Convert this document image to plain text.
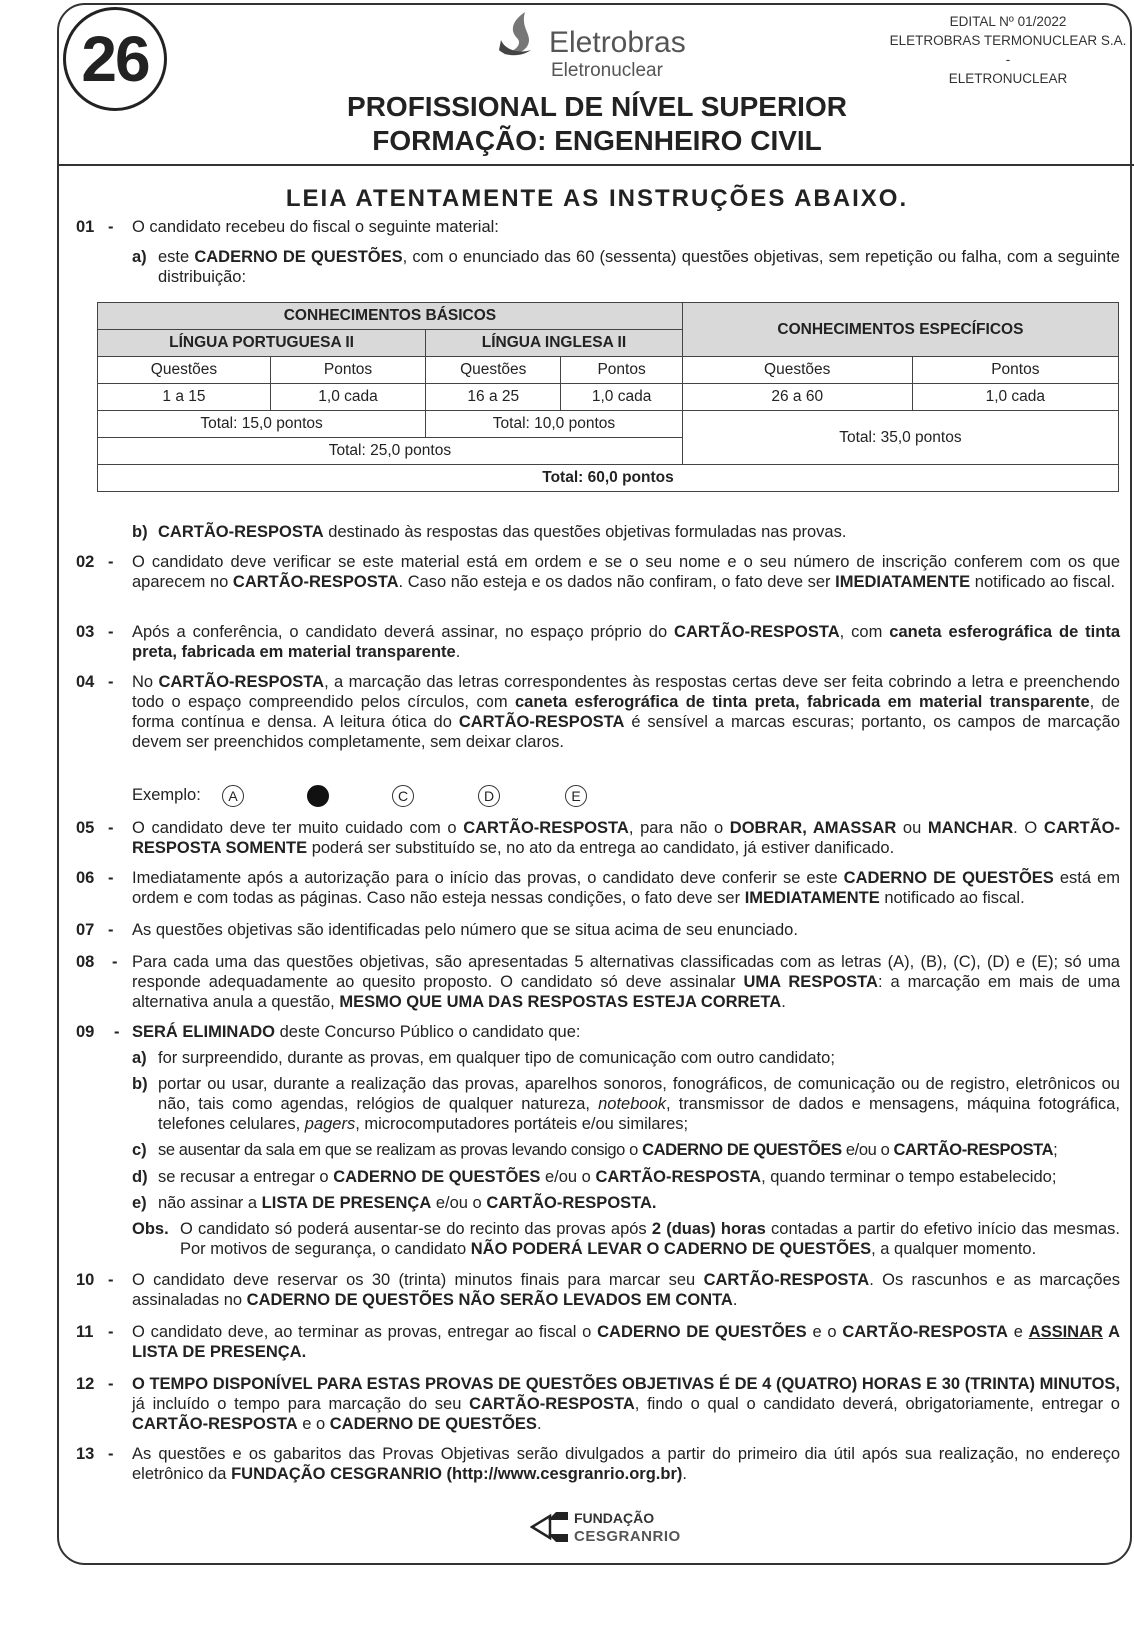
26	Eletrobras
Eletronuclear
EDITAL Nº 01/2022
ELETROBRAS TERMONUCLEAR S.A. -
ELETRONUCLEAR
PROFISSIONAL DE NÍVEL SUPERIOR
FORMAÇÃO: ENGENHEIRO CIVIL
LEIA ATENTAMENTE AS INSTRUÇÕES ABAIXO.
01 - O candidato recebeu do fiscal o seguinte material:
a) este CADERNO DE QUESTÕES, com o enunciado das 60 (sessenta) questões objetivas, sem repetição ou falha, com a seguinte distribuição:
CONHECIMENTOS BÁSICOS				CONHECIMENTOS ESPECÍFICOS	
LÍNGUA PORTUGUESA II		LÍNGUA INGLESA II			
Questões	Pontos	Questões	Pontos	Questões	Pontos
1 a 15	1,0 cada	16 a 25	1,0 cada	26 a 60	1,0 cada
Total: 15,0 pontos		Total: 10,0 pontos		Total: 35,0 pontos	
Total: 25,0 pontos					
Total: 60,0 pontos					
b) CARTÃO-RESPOSTA destinado às respostas das questões objetivas formuladas nas provas.
02 - O candidato deve verificar se este material está em ordem e se o seu nome e o seu número de inscrição conferem com os que aparecem no CARTÃO-RESPOSTA. Caso não esteja e os dados não confiram, o fato deve ser IMEDIATAMENTE notificado ao fiscal.
03 - Após a conferência, o candidato deverá assinar, no espaço próprio do CARTÃO-RESPOSTA, com caneta esferográfica de tinta preta, fabricada em material transparente.
04 - No CARTÃO-RESPOSTA, a marcação das letras correspondentes às respostas certas deve ser feita cobrindo a letra e preenchendo todo o espaço compreendido pelos círculos, com caneta esferográfica de tinta preta, fabricada em material transparente, de forma contínua e densa. A leitura ótica do CARTÃO-RESPOSTA é sensível a marcas escuras; portanto, os campos de marcação devem ser preenchidos completamente, sem deixar claros.
Exemplo:	A	C	D	E
05 - O candidato deve ter muito cuidado com o CARTÃO-RESPOSTA, para não o DOBRAR, AMASSAR ou MANCHAR. O CARTÃO-RESPOSTA SOMENTE poderá ser substituído se, no ato da entrega ao candidato, já estiver danificado.
06 - Imediatamente após a autorização para o início das provas, o candidato deve conferir se este CADERNO DE QUESTÕES está em ordem e com todas as páginas. Caso não esteja nessas condições, o fato deve ser IMEDIATAMENTE notificado ao fiscal.
07 - As questões objetivas são identificadas pelo número que se situa acima de seu enunciado.
08 - Para cada uma das questões objetivas, são apresentadas 5 alternativas classificadas com as letras (A), (B), (C), (D) e (E); só uma responde adequadamente ao quesito proposto. O candidato só deve assinalar UMA RESPOSTA: a marcação em mais de uma alternativa anula a questão, MESMO QUE UMA DAS RESPOSTAS ESTEJA CORRETA.
09 - SERÁ ELIMINADO deste Concurso Público o candidato que:
a) for surpreendido, durante as provas, em qualquer tipo de comunicação com outro candidato;
b) portar ou usar, durante a realização das provas, aparelhos sonoros, fonográficos, de comunicação ou de registro, eletrônicos ou não, tais como agendas, relógios de qualquer natureza, notebook, transmissor de dados e mensagens, máquina fotográfica, telefones celulares, pagers, microcomputadores portáteis e/ou similares;
c) se ausentar da sala em que se realizam as provas levando consigo o CADERNO DE QUESTÕES e/ou o CARTÃO-RESPOSTA;
d) se recusar a entregar o CADERNO DE QUESTÕES e/ou o CARTÃO-RESPOSTA, quando terminar o tempo estabelecido;
e) não assinar a LISTA DE PRESENÇA e/ou o CARTÃO-RESPOSTA.
Obs. O candidato só poderá ausentar-se do recinto das provas após 2 (duas) horas contadas a partir do efetivo início das mesmas. Por motivos de segurança, o candidato NÃO PODERÁ LEVAR O CADERNO DE QUESTÕES, a qualquer momento.
10 - O candidato deve reservar os 30 (trinta) minutos finais para marcar seu CARTÃO-RESPOSTA. Os rascunhos e as marcações assinaladas no CADERNO DE QUESTÕES NÃO SERÃO LEVADOS EM CONTA.
11 - O candidato deve, ao terminar as provas, entregar ao fiscal o CADERNO DE QUESTÕES e o CARTÃO-RESPOSTA e ASSINAR A LISTA DE PRESENÇA.
12 - O TEMPO DISPONÍVEL PARA ESTAS PROVAS DE QUESTÕES OBJETIVAS É DE 4 (QUATRO) HORAS E 30 (TRINTA) MINUTOS, já incluído o tempo para marcação do seu CARTÃO-RESPOSTA, findo o qual o candidato deverá, obrigatoriamente, entregar o CARTÃO-RESPOSTA e o CADERNO DE QUESTÕES.
13 - As questões e os gabaritos das Provas Objetivas serão divulgados a partir do primeiro dia útil após sua realização, no endereço eletrônico da FUNDAÇÃO CESGRANRIO (http://www.cesgranrio.org.br).
FUNDAÇÃO
CESGRANRIO
